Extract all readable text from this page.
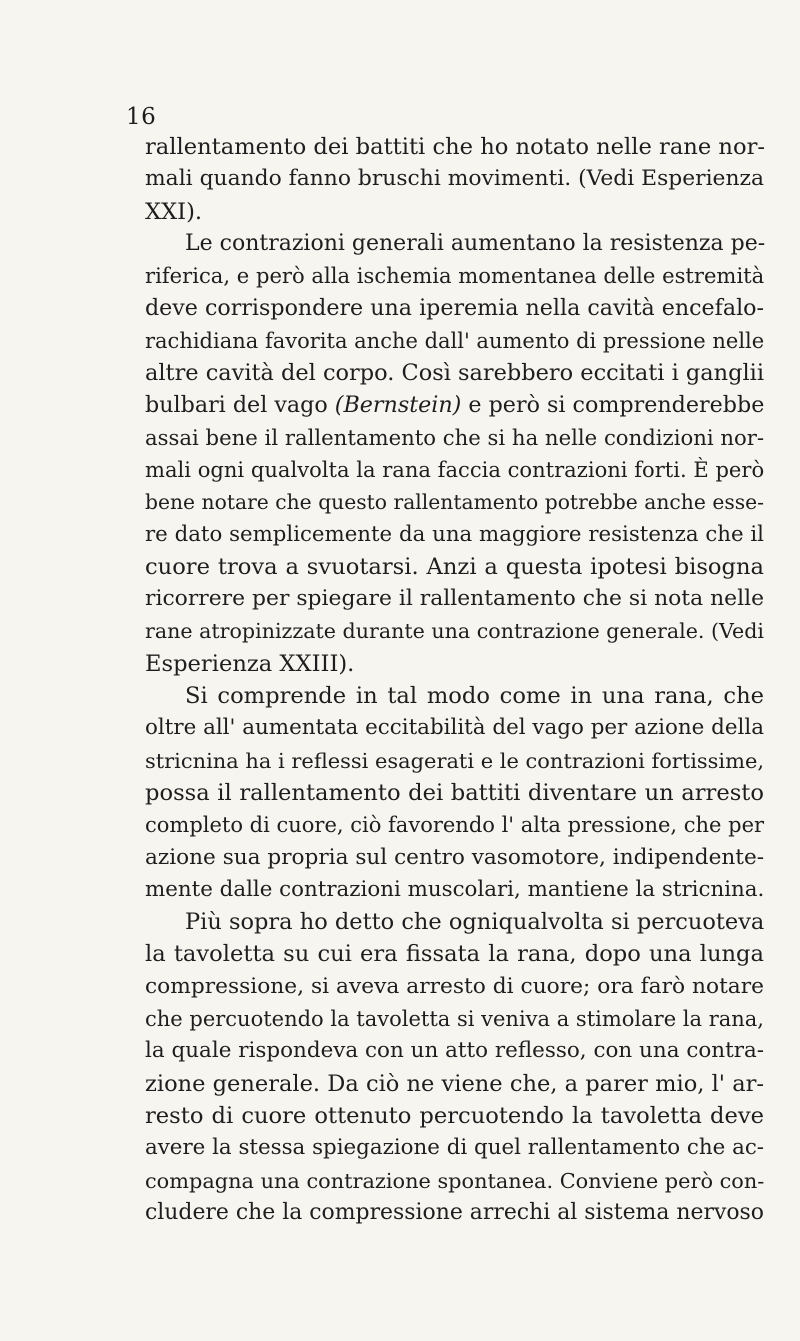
16
rallentamento dei battiti che ho notato nelle rane nor-
mali quando fanno bruschi movimenti. (Vedi Esperienza
XXI).
Le contrazioni generali aumentano la resistenza pe-
riferica, e però alla ischemia momentanea delle estremità
deve corrispondere una iperemia nella cavità encefalo-
rachidiana favorita anche dall' aumento di pressione nelle
altre cavità del corpo. Così sarebbero eccitati i ganglii
bulbari del vago (Bernstein) e però si comprenderebbe
assai bene il rallentamento che si ha nelle condizioni nor-
mali ogni qualvolta la rana faccia contrazioni forti. È però
bene notare che questo rallentamento potrebbe anche esse-
re dato semplicemente da una maggiore resistenza che il
cuore trova a svuotarsi. Anzi a questa ipotesi bisogna
ricorrere per spiegare il rallentamento che si nota nelle
rane atropinizzate durante una contrazione generale. (Vedi
Esperienza XXIII).
Si comprende in tal modo come in una rana, che
oltre all' aumentata eccitabilità del vago per azione della
stricnina ha i reflessi esagerati e le contrazioni fortissime,
possa il rallentamento dei battiti diventare un arresto
completo di cuore, ciò favorendo l' alta pressione, che per
azione sua propria sul centro vasomotore, indipendente-
mente dalle contrazioni muscolari, mantiene la stricnina.
Più sopra ho detto che ogniqualvolta si percuoteva
la tavoletta su cui era fissata la rana, dopo una lunga
compressione, si aveva arresto di cuore; ora farò notare
che percuotendo la tavoletta si veniva a stimolare la rana,
la quale rispondeva con un atto reflesso, con una contra-
zione generale. Da ciò ne viene che, a parer mio, l' ar-
resto di cuore ottenuto percuotendo la tavoletta deve
avere la stessa spiegazione di quel rallentamento che ac-
compagna una contrazione spontanea. Conviene però con-
cludere che la compressione arrechi al sistema nervoso
